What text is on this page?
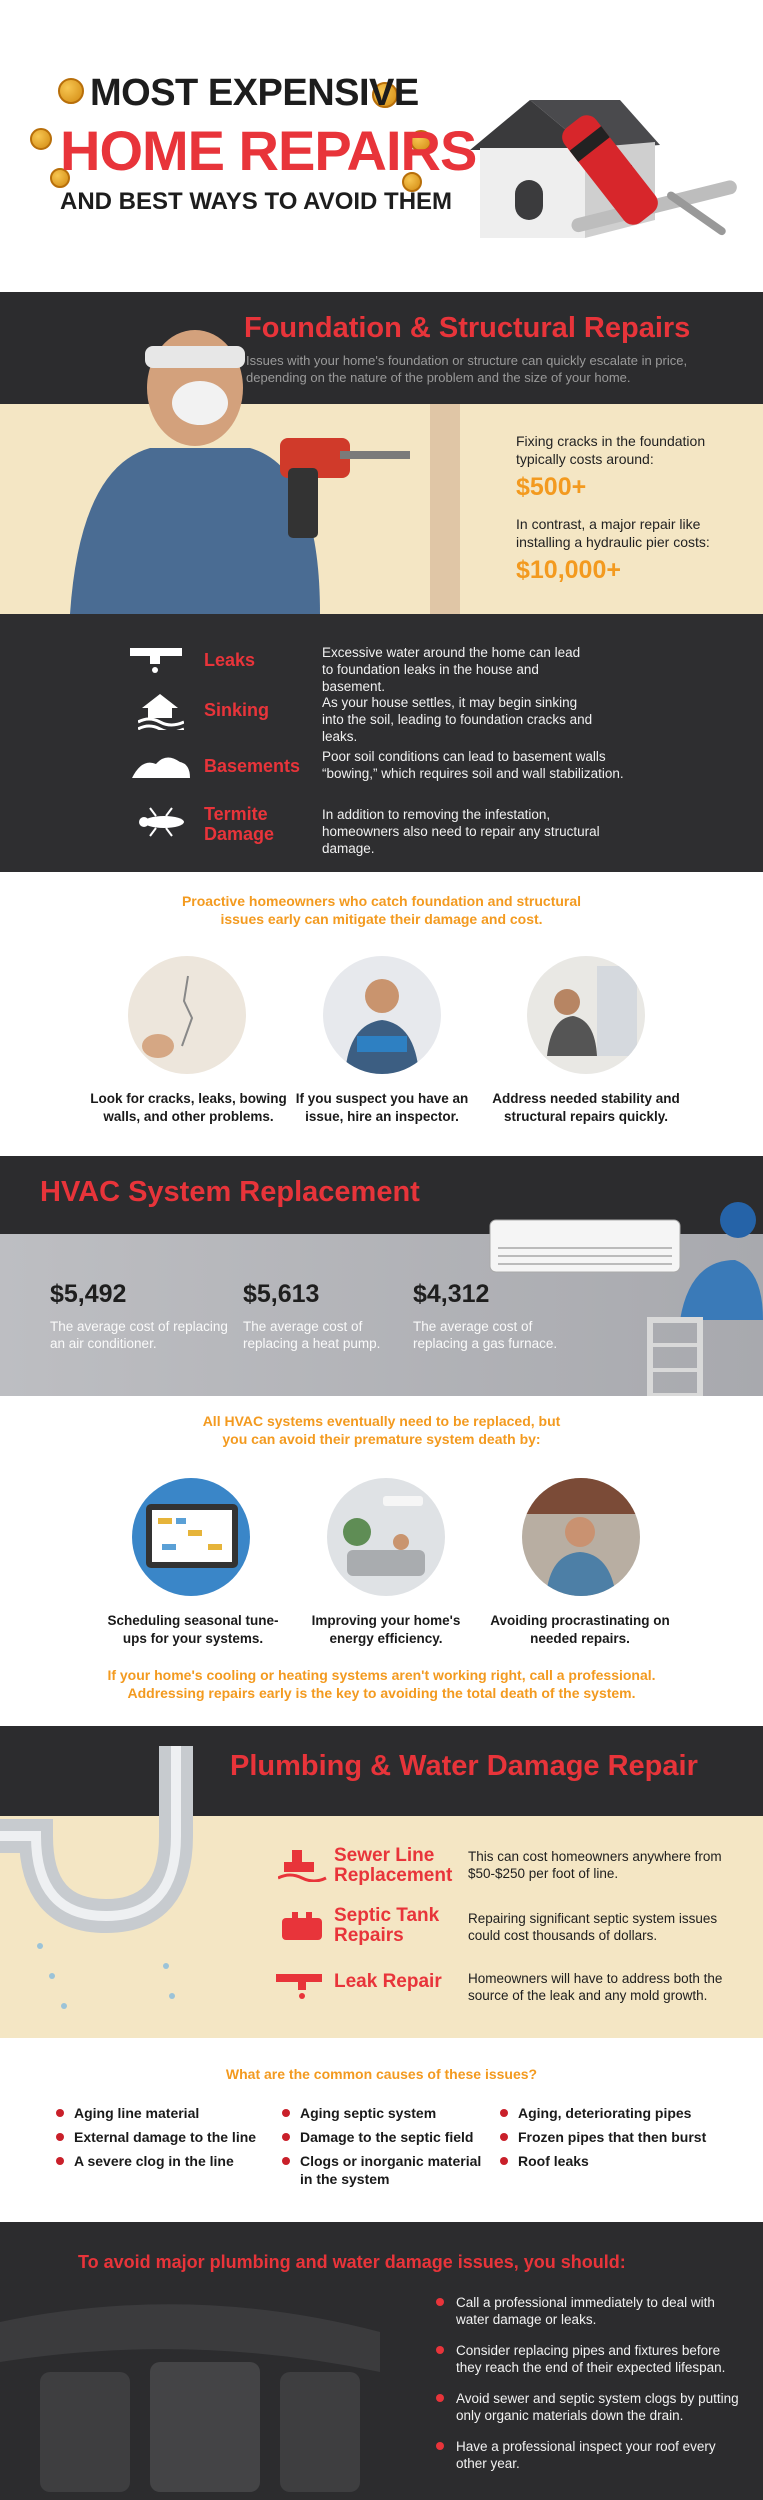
MOST EXPENSIVE
HOME REPAIRS
AND BEST WAYS TO AVOID THEM
Foundation & Structural Repairs
Issues with your home's foundation or structure can quickly escalate in price, depending on the nature of the problem and the size of your home.
Fixing cracks in the foundation typically costs around:
$500+
In contrast, a major repair like installing a hydraulic pier costs:
$10,000+
Leaks	Excessive water around the home can lead to foundation leaks in the house and basement.
Sinking	As your house settles, it may begin sinking into the soil, leading to foundation cracks and leaks.
Basements Poor soil conditions can lead to basement walls “bowing,” which requires soil and wall stabilization.
Termite Damage
In addition to removing the infestation, homeowners also need to repair any structural damage.
Proactive homeowners who catch foundation and structural issues early can mitigate their damage and cost.
Look for cracks, leaks, bowing walls, and other problems.
If you suspect you have an issue, hire an inspector.
Address needed stability and structural repairs quickly.
HVAC System Replacement
$5,492
The average cost of replacing an air conditioner.
$5,613
The average cost of replacing a heat pump.
$4,312
The average cost of replacing a gas furnace.
All HVAC systems eventually need to be replaced, but you can avoid their premature system death by:
Scheduling seasonal tune-ups for your systems.
Improving your home's energy efficiency.
Avoiding procrastinating on needed repairs.
If your home's cooling or heating systems aren't working right, call a professional. Addressing repairs early is the key to avoiding the total death of the system.
Plumbing & Water Damage Repair
Sewer Line Replacement
This can cost homeowners anywhere from $50-$250 per foot of line.
Septic Tank Repairs
Repairing significant septic system issues could cost thousands of dollars.
Leak Repair Homeowners will have to address both the source of the leak and any mold growth.
What are the common causes of these issues?
Aging line material
External damage to the line
A severe clog in the line
Aging septic system
Damage to the septic field
Clogs or inorganic material in the system
Aging, deteriorating pipes
Frozen pipes that then burst
Roof leaks
To avoid major plumbing and water damage issues, you should:
Call a professional immediately to deal with water damage or leaks.
Consider replacing pipes and fixtures before they reach the end of their expected lifespan.
Avoid sewer and septic system clogs by putting only organic materials down the drain.
Have a professional inspect your roof every other year.
